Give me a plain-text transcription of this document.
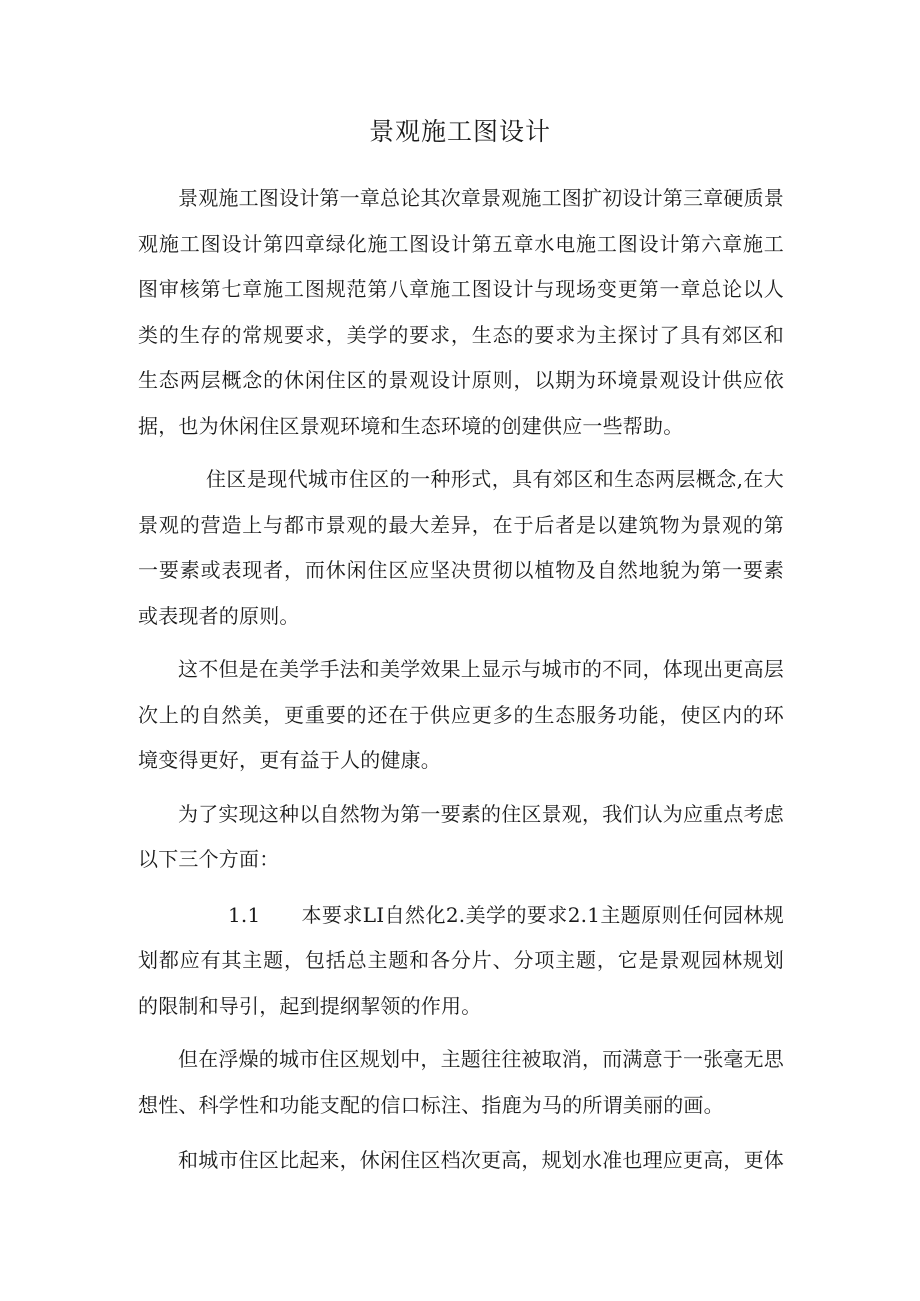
景观施工图设计

景观施工图设计第一章总论其次章景观施工图扩初设计第三章硬质景观施工图设计第四章绿化施工图设计第五章水电施工图设计第六章施工图审核第七章施工图规范第八章施工图设计与现场变更第一章总论以人类的生存的常规要求，美学的要求，生态的要求为主探讨了具有郊区和生态两层概念的休闲住区的景观设计原则，以期为环境景观设计供应依据，也为休闲住区景观环境和生态环境的创建供应一些帮助。

住区是现代城市住区的一种形式，具有郊区和生态两层概念,在大景观的营造上与都市景观的最大差异，在于后者是以建筑物为景观的第一要素或表现者，而休闲住区应坚决贯彻以植物及自然地貌为第一要素或表现者的原则。

这不但是在美学手法和美学效果上显示与城市的不同，体现出更高层次上的自然美，更重要的还在于供应更多的生态服务功能，使区内的环境变得更好，更有益于人的健康。

为了实现这种以自然物为第一要素的住区景观，我们认为应重点考虑以下三个方面：

1.1　　本要求LI自然化2.美学的要求2.1主题原则任何园林规划都应有其主题，包括总主题和各分片、分项主题，它是景观园林规划的限制和导引，起到提纲挈领的作用。

但在浮燥的城市住区规划中，主题往往被取消，而满意于一张毫无思想性、科学性和功能支配的信口标注、指鹿为马的所谓美丽的画。

和城市住区比起来，休闲住区档次更高，规划水准也理应更高，更体
